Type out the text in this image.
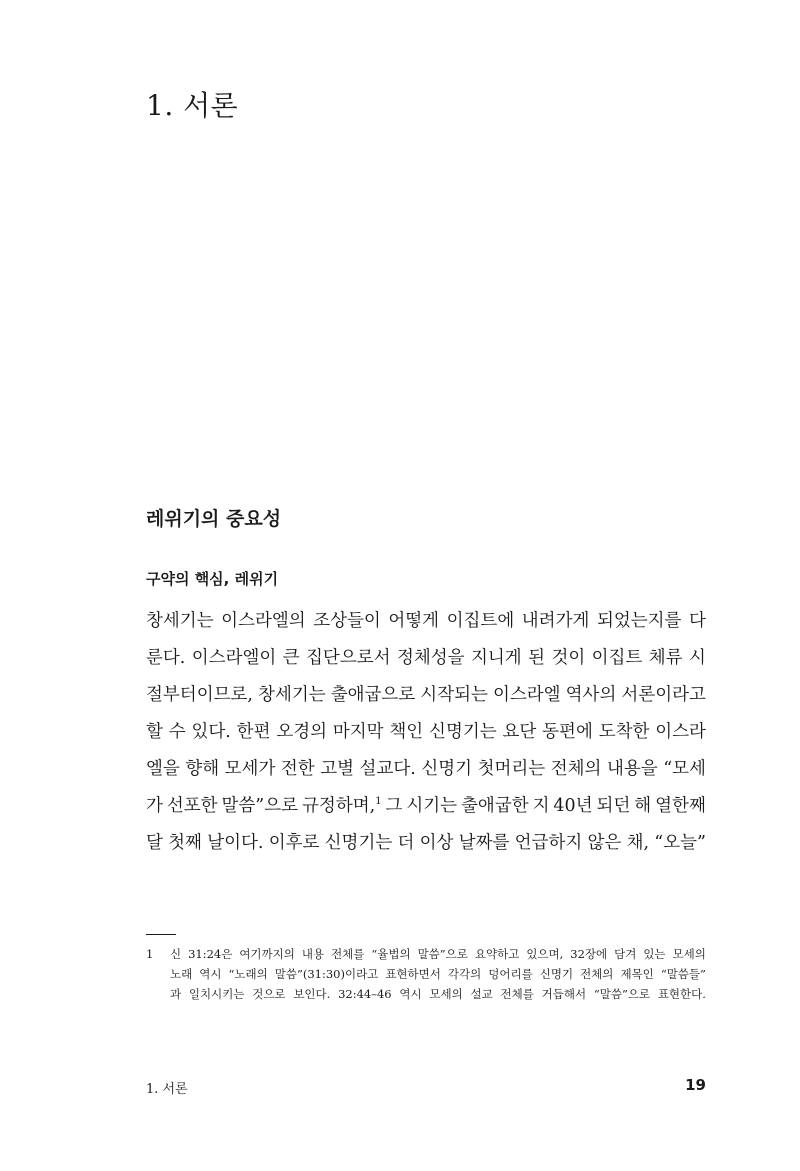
1. 서론
레위기의 중요성
구약의 핵심, 레위기
창세기는 이스라엘의 조상들이 어떻게 이집트에 내려가게 되었는지를 다
룬다. 이스라엘이 큰 집단으로서 정체성을 지니게 된 것이 이집트 체류 시
절부터이므로, 창세기는 출애굽으로 시작되는 이스라엘 역사의 서론이라고
할 수 있다. 한편 오경의 마지막 책인 신명기는 요단 동편에 도착한 이스라
엘을 향해 모세가 전한 고별 설교다. 신명기 첫머리는 전체의 내용을 “모세
가 선포한 말씀”으로 규정하며,$^1$ 그 시기는 출애굽한 지 40년 되던 해 열한째
달 첫째 날이다. 이후로 신명기는 더 이상 날짜를 언급하지 않은 채, “오늘”
1 신 31:24은 여기까지의 내용 전체를 “율법의 말씀”으로 요약하고 있으며, 32장에 담겨 있는 모세의
노래 역시 “노래의 말씀”(31:30)이라고 표현하면서 각각의 덩어리를 신명기 전체의 제목인 “말씀들”
과 일치시키는 것으로 보인다. 32:44–46 역시 모세의 설교 전체를 거듭해서 “말씀”으로 표현한다.
1. 서론	19
